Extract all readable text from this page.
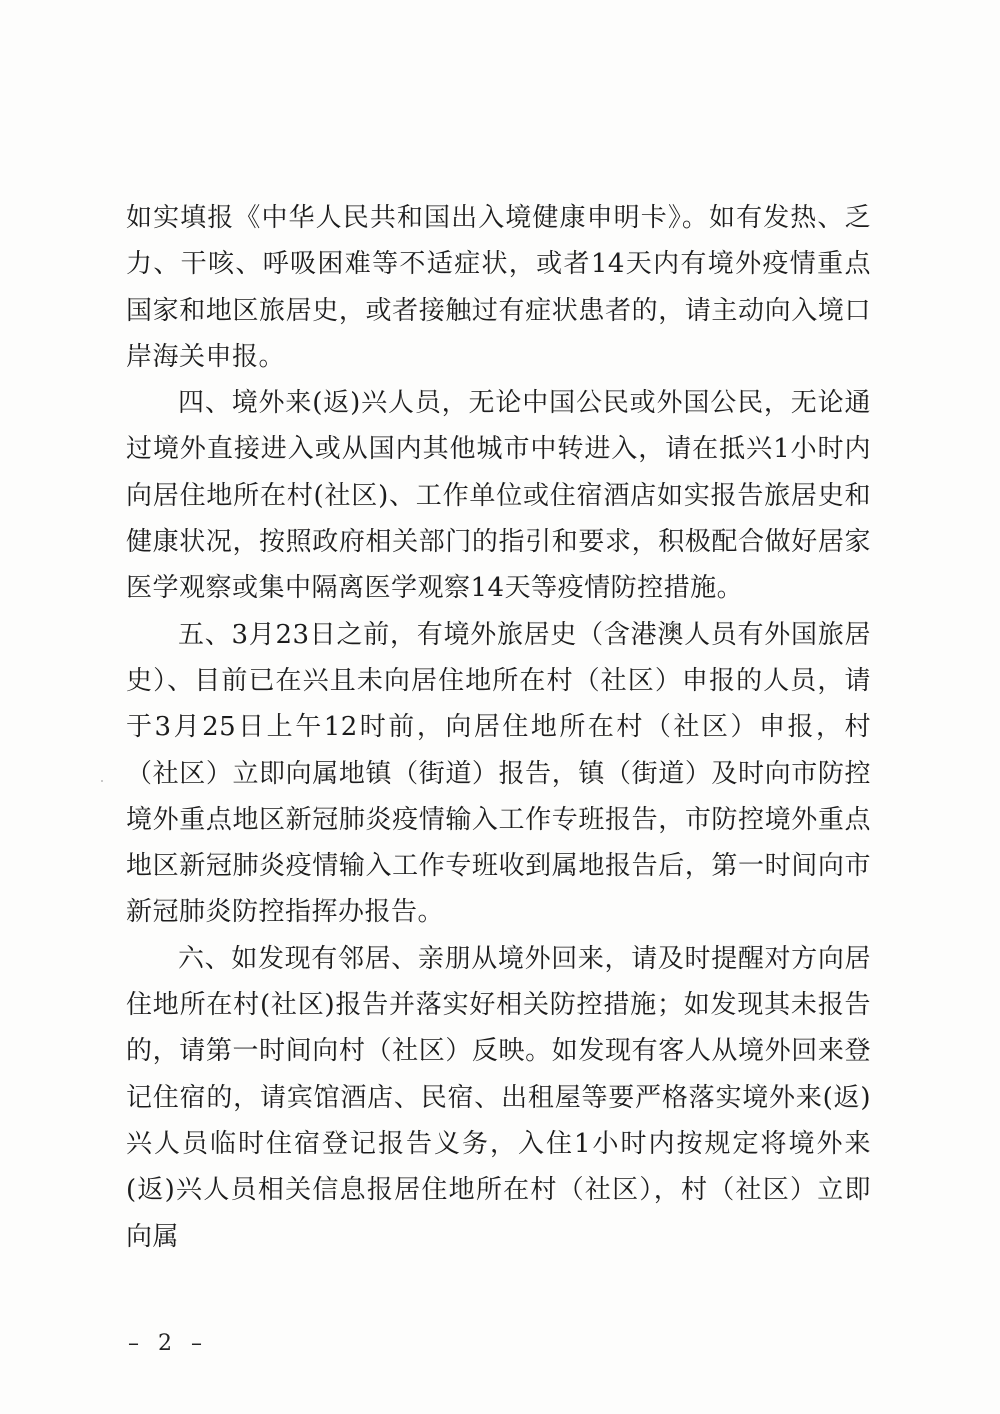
如实填报《中华人民共和国出入境健康申明卡》。如有发热、乏力、干咳、呼吸困难等不适症状，或者14天内有境外疫情重点国家和地区旅居史，或者接触过有症状患者的，请主动向入境口岸海关申报。

四、境外来(返)兴人员，无论中国公民或外国公民，无论通过境外直接进入或从国内其他城市中转进入，请在抵兴1小时内向居住地所在村(社区)、工作单位或住宿酒店如实报告旅居史和健康状况，按照政府相关部门的指引和要求，积极配合做好居家医学观察或集中隔离医学观察14天等疫情防控措施。

五、3月23日之前，有境外旅居史（含港澳人员有外国旅居史）、目前已在兴且未向居住地所在村（社区）申报的人员，请于3月25日上午12时前，向居住地所在村（社区）申报，村（社区）立即向属地镇（街道）报告，镇（街道）及时向市防控境外重点地区新冠肺炎疫情输入工作专班报告，市防控境外重点地区新冠肺炎疫情输入工作专班收到属地报告后，第一时间向市新冠肺炎防控指挥办报告。

六、如发现有邻居、亲朋从境外回来，请及时提醒对方向居住地所在村(社区)报告并落实好相关防控措施；如发现其未报告的，请第一时间向村（社区）反映。如发现有客人从境外回来登记住宿的，请宾馆酒店、民宿、出租屋等要严格落实境外来(返)兴人员临时住宿登记报告义务，入住1小时内按规定将境外来(返)兴人员相关信息报居住地所在村（社区），村（社区）立即向属

– 2 –
